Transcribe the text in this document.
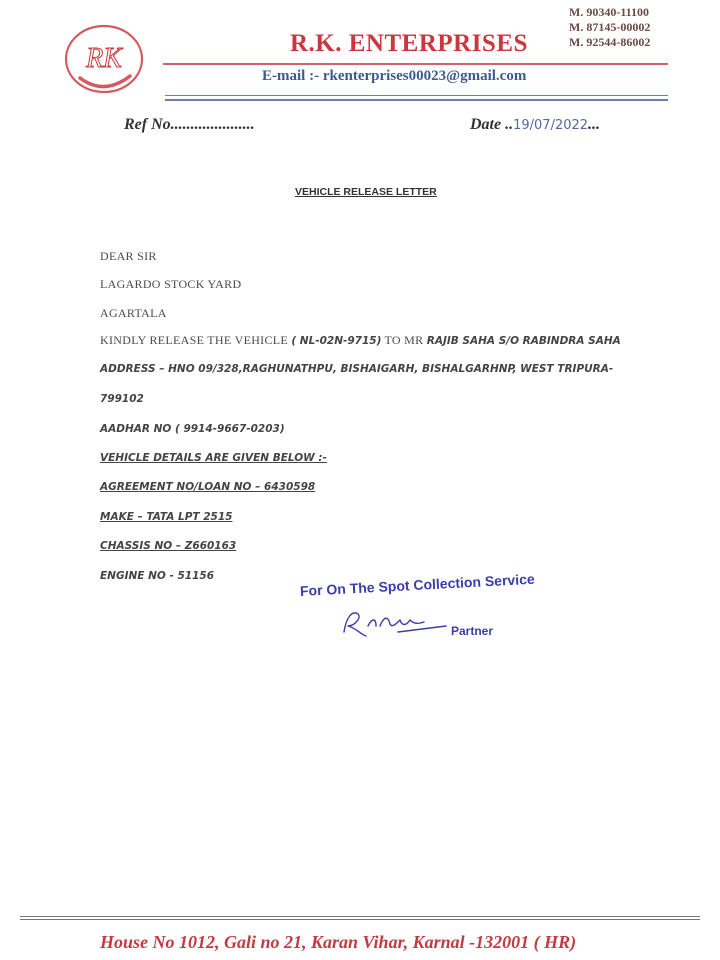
RK	R.K. ENTERPRISES
M. 90340-11100
M. 87145-00002
M. 92544-86002
E-mail :- rkenterprises00023@gmail.com
Ref No.....................	Date ..19/07/2022...
VEHICLE RELEASE LETTER
DEAR SIR
LAGARDO STOCK YARD
AGARTALA
KINDLY RELEASE THE VEHICLE ( NL-02N-9715) TO MR RAJIB SAHA S/O RABINDRA SAHA
ADDRESS – HNO 09/328,RAGHUNATHPU, BISHAIGARH, BISHALGARHNP, WEST TRIPURA-
799102
AADHAR NO ( 9914-9667-0203)
VEHICLE DETAILS ARE GIVEN BELOW :-
AGREEMENT NO/LOAN NO – 6430598
MAKE – TATA LPT 2515
CHASSIS NO – Z660163
ENGINE NO - 51156	For On The Spot Collection Service
Partner
House No 1012, Gali no 21, Karan Vihar, Karnal -132001 ( HR)
